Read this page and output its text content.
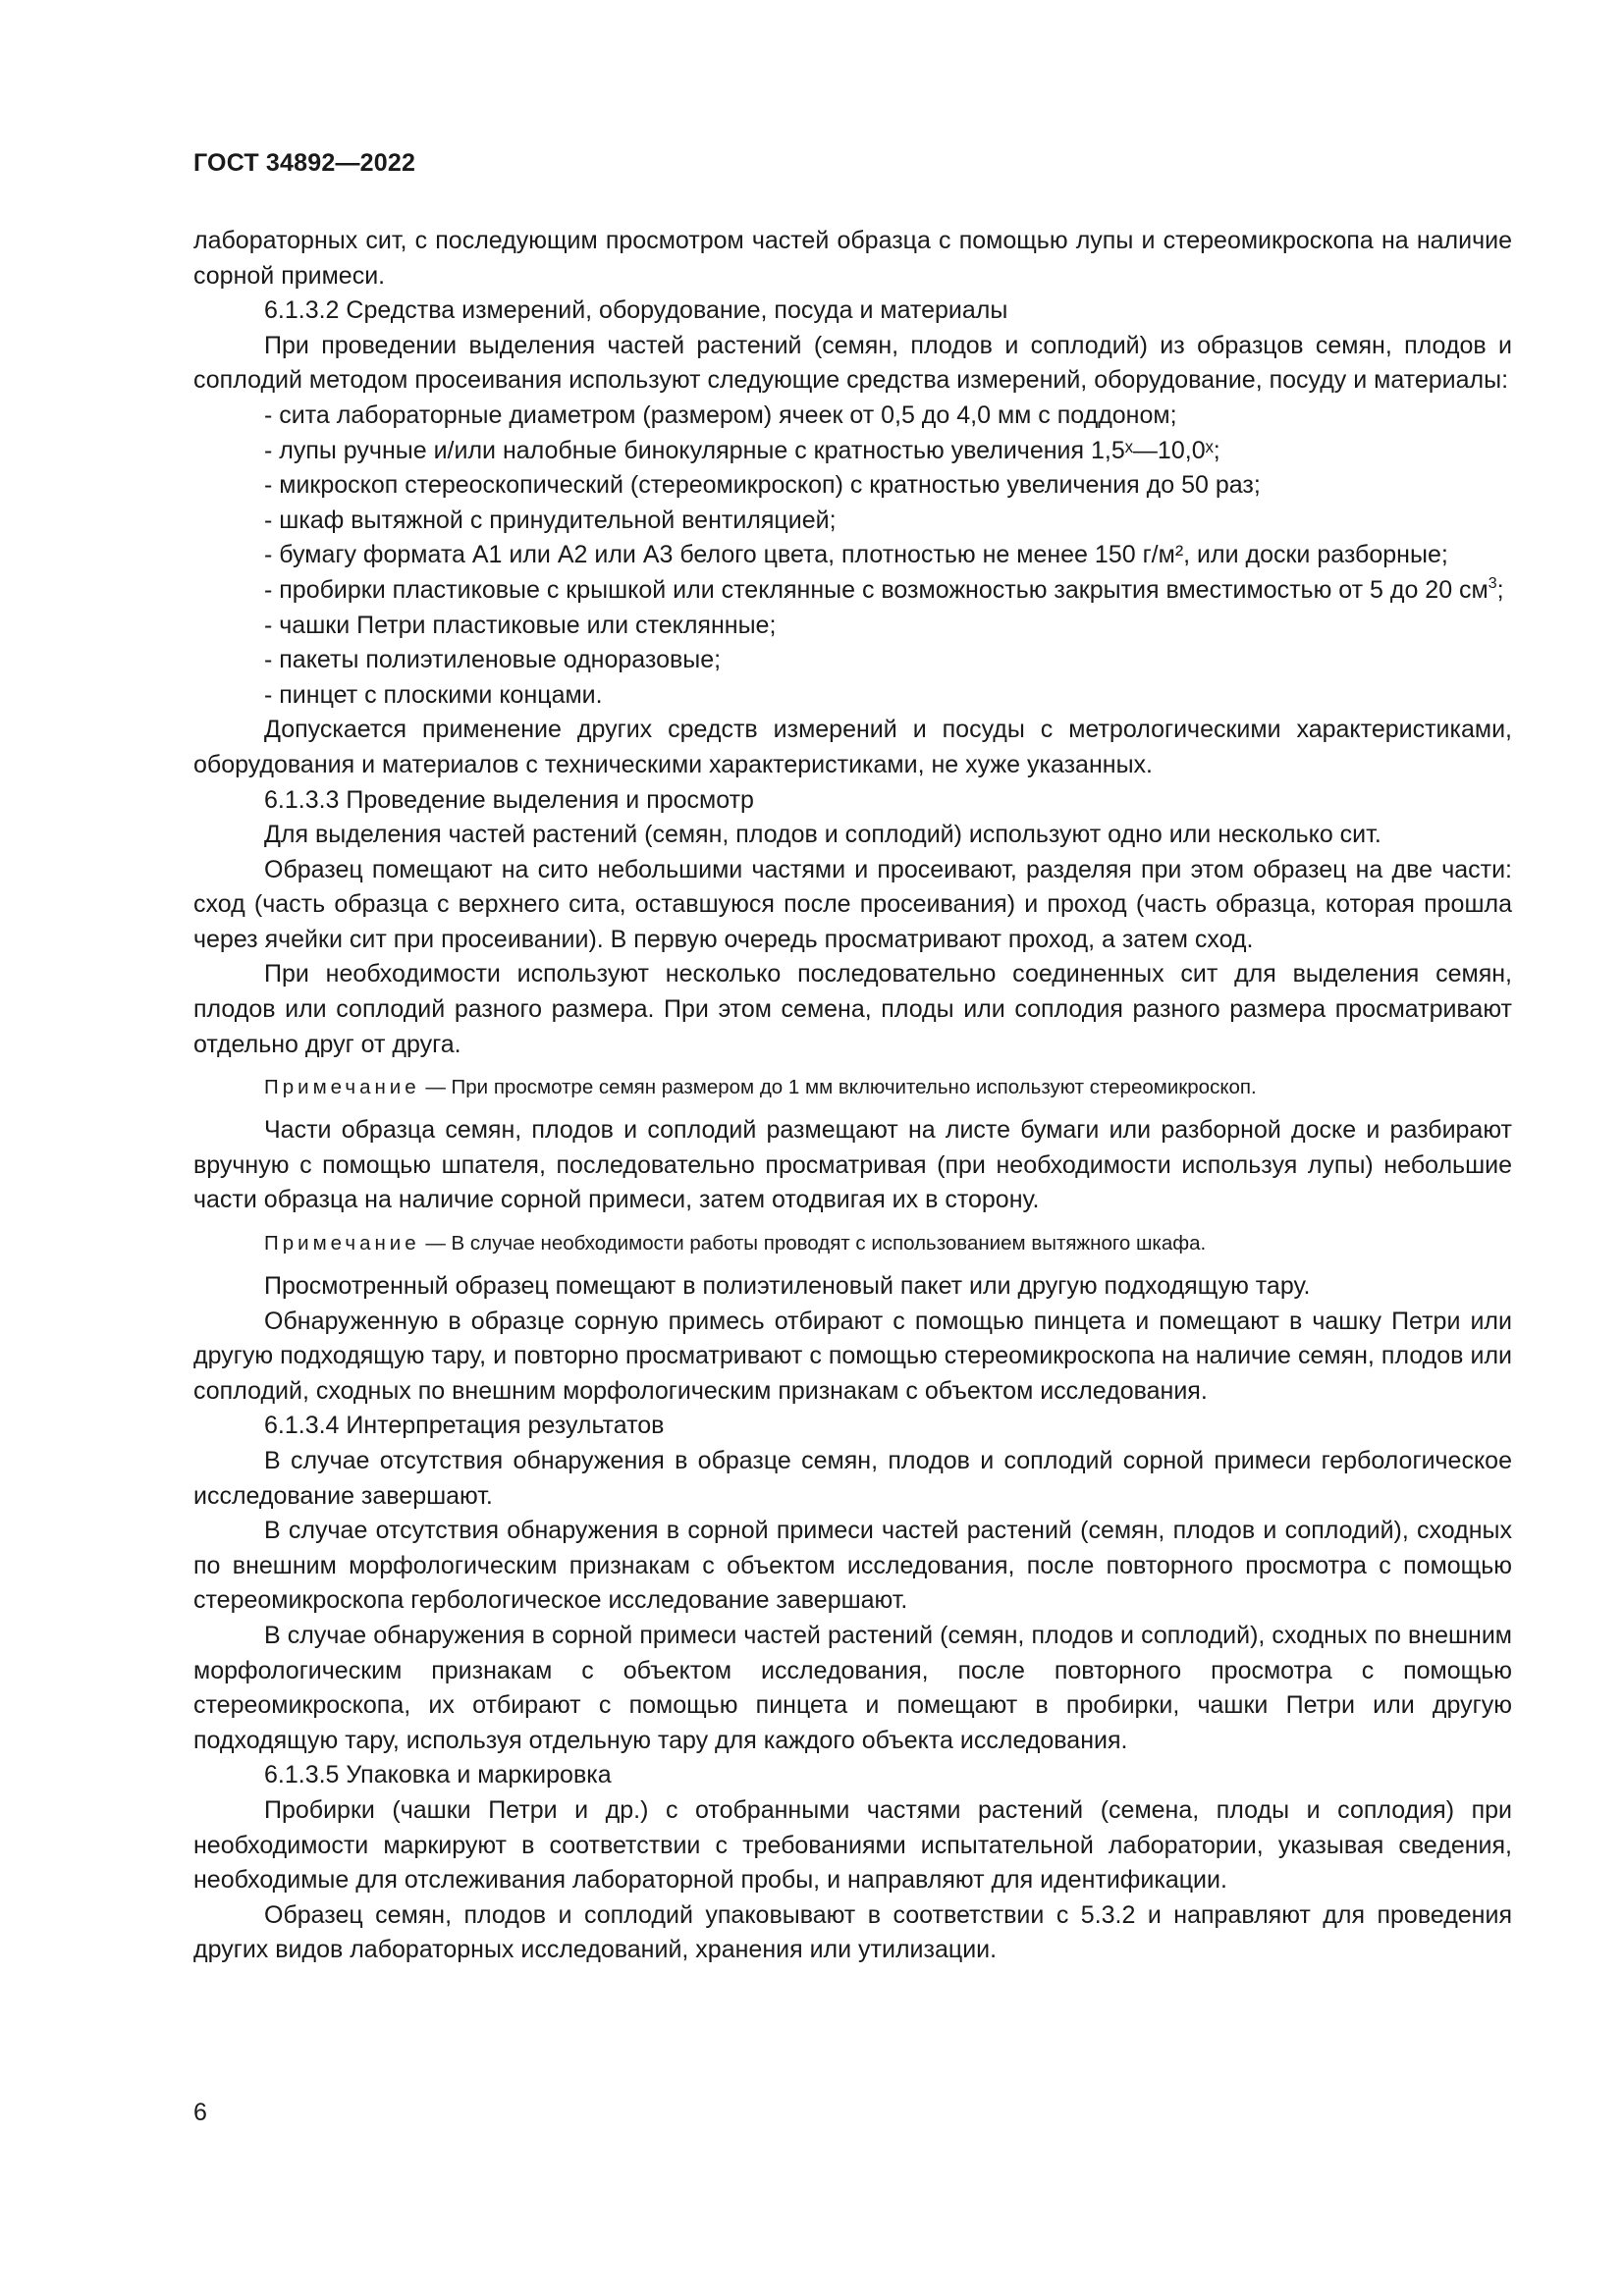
ГОСТ 34892—2022

лабораторных сит, с последующим просмотром частей образца с помощью лупы и стереомикроскопа на наличие сорной примеси.

6.1.3.2 Средства измерений, оборудование, посуда и материалы

При проведении выделения частей растений (семян, плодов и соплодий) из образцов семян, плодов и соплодий методом просеивания используют следующие средства измерений, оборудование, посуду и материалы:

- сита лабораторные диаметром (размером) ячеек от 0,5 до 4,0 мм с поддоном;

- лупы ручные и/или налобные бинокулярные с кратностью увеличения 1,5ˣ—10,0ˣ;

- микроскоп стереоскопический (стереомикроскоп) с кратностью увеличения до 50 раз;

- шкаф вытяжной с принудительной вентиляцией;

- бумагу формата А1 или А2 или А3 белого цвета, плотностью не менее 150 г/м², или доски разборные;

- пробирки пластиковые с крышкой или стеклянные с возможностью закрытия вместимостью от 5 до 20 $см^3$;

- чашки Петри пластиковые или стеклянные;

- пакеты полиэтиленовые одноразовые;

- пинцет с плоскими концами.

Допускается применение других средств измерений и посуды с метрологическими характеристиками, оборудования и материалов с техническими характеристиками, не хуже указанных.

6.1.3.3 Проведение выделения и просмотр

Для выделения частей растений (семян, плодов и соплодий) используют одно или несколько сит.

Образец помещают на сито небольшими частями и просеивают, разделяя при этом образец на две части: сход (часть образца с верхнего сита, оставшуюся после просеивания) и проход (часть образца, которая прошла через ячейки сит при просеивании). В первую очередь просматривают проход, а затем сход.

При необходимости используют несколько последовательно соединенных сит для выделения семян, плодов или соплодий разного размера. При этом семена, плоды или соплодия разного размера просматривают отдельно друг от друга.

Примечание — При просмотре семян размером до 1 мм включительно используют стереомикроскоп.

Части образца семян, плодов и соплодий размещают на листе бумаги или разборной доске и разбирают вручную с помощью шпателя, последовательно просматривая (при необходимости используя лупы) небольшие части образца на наличие сорной примеси, затем отодвигая их в сторону.

Примечание — В случае необходимости работы проводят с использованием вытяжного шкафа.

Просмотренный образец помещают в полиэтиленовый пакет или другую подходящую тару.

Обнаруженную в образце сорную примесь отбирают с помощью пинцета и помещают в чашку Петри или другую подходящую тару, и повторно просматривают с помощью стереомикроскопа на наличие семян, плодов или соплодий, сходных по внешним морфологическим признакам с объектом исследования.

6.1.3.4 Интерпретация результатов

В случае отсутствия обнаружения в образце семян, плодов и соплодий сорной примеси гербологическое исследование завершают.

В случае отсутствия обнаружения в сорной примеси частей растений (семян, плодов и соплодий), сходных по внешним морфологическим признакам с объектом исследования, после повторного просмотра с помощью стереомикроскопа гербологическое исследование завершают.

В случае обнаружения в сорной примеси частей растений (семян, плодов и соплодий), сходных по внешним морфологическим признакам с объектом исследования, после повторного просмотра с помощью стереомикроскопа, их отбирают с помощью пинцета и помещают в пробирки, чашки Петри или другую подходящую тару, используя отдельную тару для каждого объекта исследования.

6.1.3.5 Упаковка и маркировка

Пробирки (чашки Петри и др.) с отобранными частями растений (семена, плоды и соплодия) при необходимости маркируют в соответствии с требованиями испытательной лаборатории, указывая сведения, необходимые для отслеживания лабораторной пробы, и направляют для идентификации.

Образец семян, плодов и соплодий упаковывают в соответствии с 5.3.2 и направляют для проведения других видов лабораторных исследований, хранения или утилизации.

6
